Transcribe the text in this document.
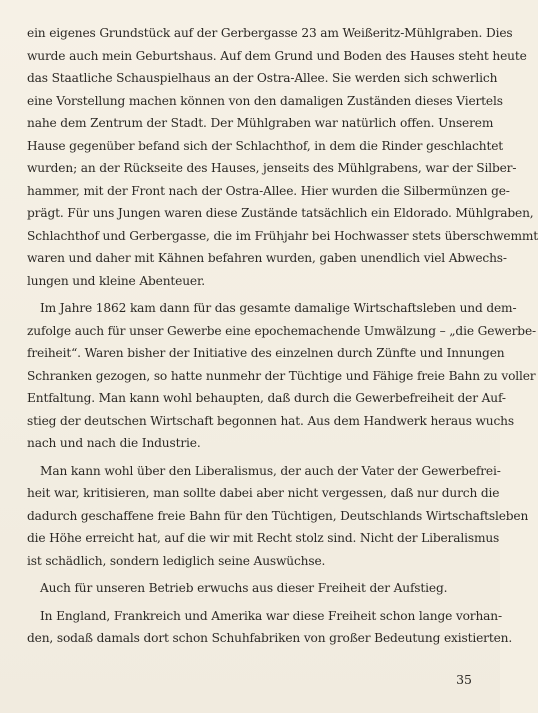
ein eigenes Grundstück auf der Gerbergasse 23 am Weißeritz-Mühlgraben. Dies
wurde auch mein Geburtshaus. Auf dem Grund und Boden des Hauses steht heute
das Staatliche Schauspielhaus an der Ostra-Allee. Sie werden sich schwerlich
eine Vorstellung machen können von den damaligen Zuständen dieses Viertels
nahe dem Zentrum der Stadt. Der Mühlgraben war natürlich offen. Unserem
Hause gegenüber befand sich der Schlachthof, in dem die Rinder geschlachtet
wurden; an der Rückseite des Hauses, jenseits des Mühlgrabens, war der Silber-
hammer, mit der Front nach der Ostra-Allee. Hier wurden die Silbermünzen ge-
prägt. Für uns Jungen waren diese Zustände tatsächlich ein Eldorado. Mühlgraben,
Schlachthof und Gerbergasse, die im Frühjahr bei Hochwasser stets überschwemmt
waren und daher mit Kähnen befahren wurden, gaben unendlich viel Abwechs-
lungen und kleine Abenteuer.
Im Jahre 1862 kam dann für das gesamte damalige Wirtschaftsleben und dem-
zufolge auch für unser Gewerbe eine epochemachende Umwälzung – „die Gewerbe-
freiheit“. Waren bisher der Initiative des einzelnen durch Zünfte und Innungen
Schranken gezogen, so hatte nunmehr der Tüchtige und Fähige freie Bahn zu voller
Entfaltung. Man kann wohl behaupten, daß durch die Gewerbefreiheit der Auf-
stieg der deutschen Wirtschaft begonnen hat. Aus dem Handwerk heraus wuchs
nach und nach die Industrie.
Man kann wohl über den Liberalismus, der auch der Vater der Gewerbefrei-
heit war, kritisieren, man sollte dabei aber nicht vergessen, daß nur durch die
dadurch geschaffene freie Bahn für den Tüchtigen, Deutschlands Wirtschaftsleben
die Höhe erreicht hat, auf die wir mit Recht stolz sind. Nicht der Liberalismus
ist schädlich, sondern lediglich seine Auswüchse.
Auch für unseren Betrieb erwuchs aus dieser Freiheit der Aufstieg.
In England, Frankreich und Amerika war diese Freiheit schon lange vorhan-
den, sodaß damals dort schon Schuhfabriken von großer Bedeutung existierten.
35
